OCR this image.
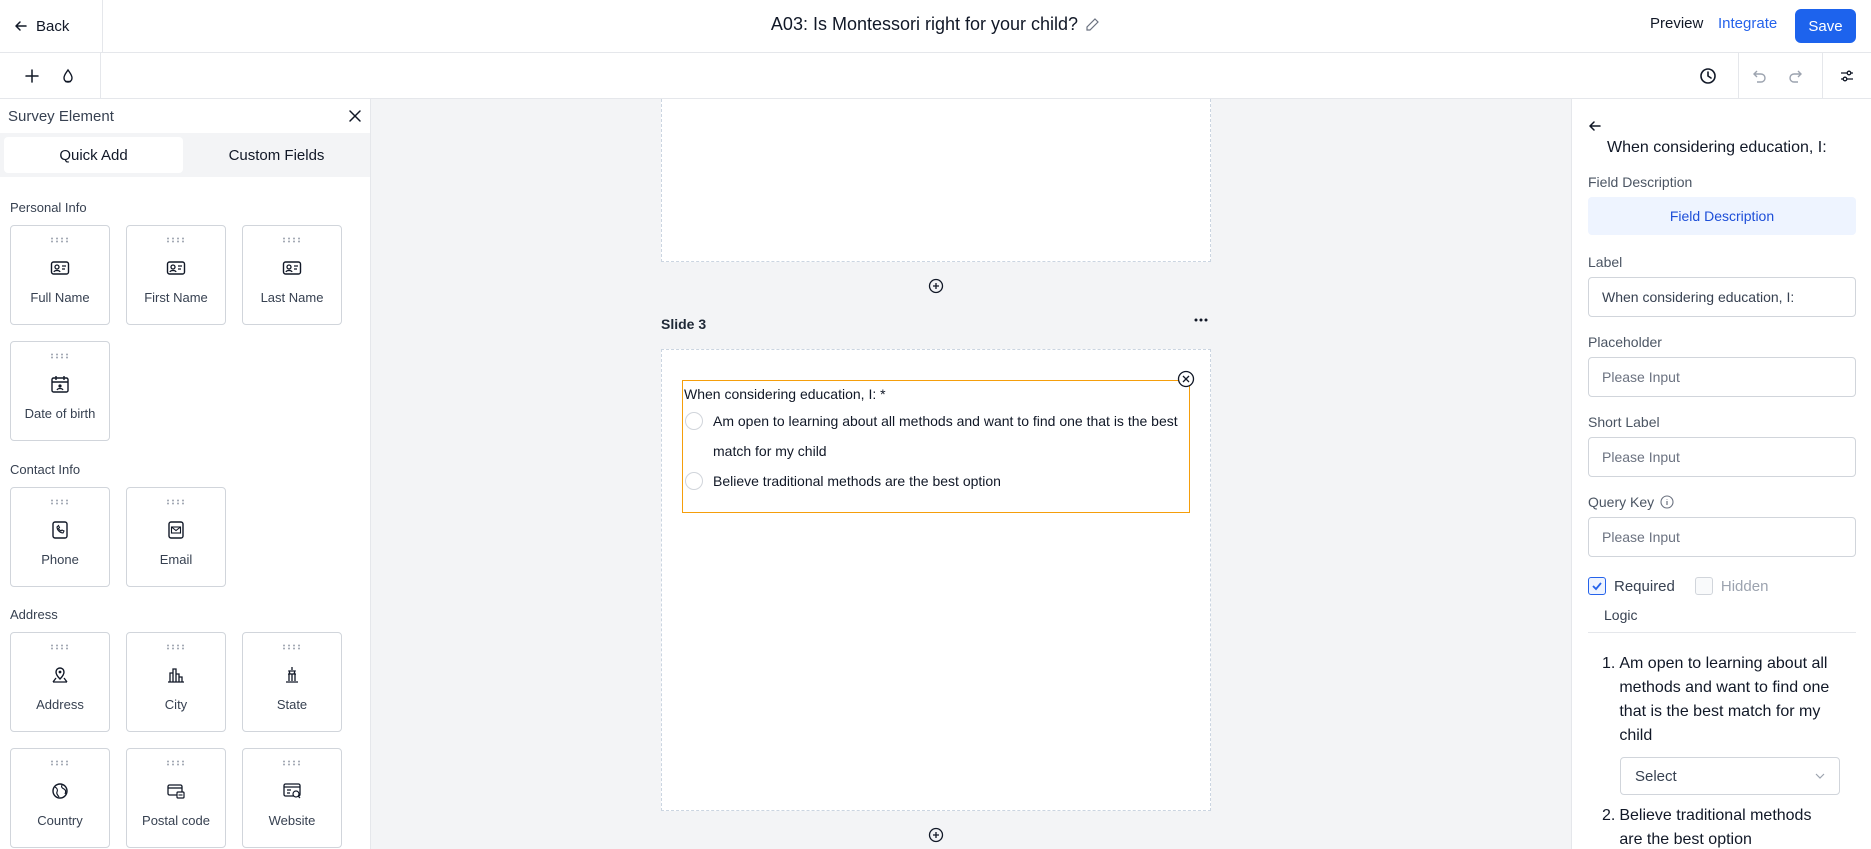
Back	A03: Is Montessori right for your child?	Preview Integrate	Save
Survey Element
Quick Add	Custom Fields
Personal Info
Full Name	First Name	Last Name
Date of birth
Contact Info
Phone	Email
Address
Address	City	State
Country	Postal code	Website
Slide 3
When considering education, I: *
Am open to learning about all methods and want to find one that is the best
match for my child
Believe traditional methods are the best option
When considering education, I:
Field Description
Field Description
Label
When considering education, I:
Placeholder
Please Input
Short Label
Please Input
Query Key
Please Input
Required	Hidden
Logic
1. Am open to learning about all
methods and want to find one
that is the best match for my
child
Select
2. Believe traditional methods
are the best option
